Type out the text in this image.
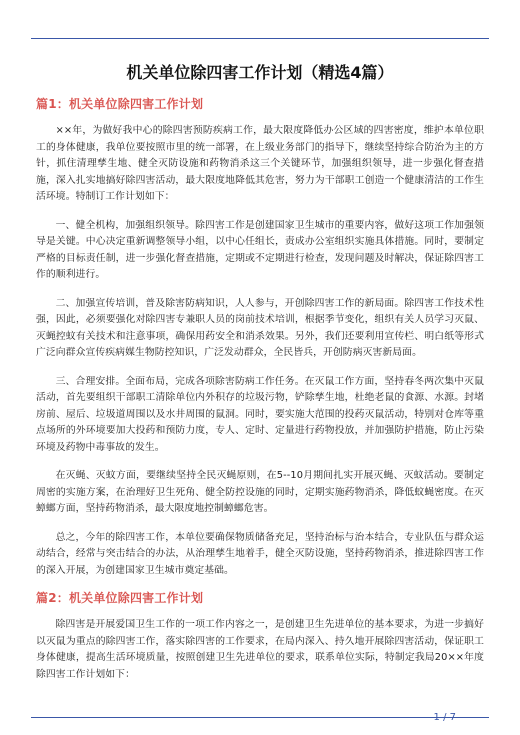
机关单位除四害工作计划（精选4篇）
篇1：机关单位除四害工作计划

××年，为做好我中心的除四害预防疾病工作，最大限度降低办公区域的四害密度，维护本单位职工的身体健康，我单位要按照市里的统一部署，在上级业务部门的指导下，继续坚持综合防治为主的方针，抓住清理孳生地、健全灭防设施和药物消杀这三个关键环节，加强组织领导，进一步强化督查措施，深入扎实地搞好除四害活动，最大限度地降低其危害，努力为干部职工创造一个健康清洁的工作生活环境。特制订工作计划如下：

一、健全机构，加强组织领导。除四害工作是创建国家卫生城市的重要内容，做好这项工作加强领导是关键。中心决定重新调整领导小组，以中心任组长，责成办公室组织实施具体措施。同时，要制定严格的目标责任制，进一步强化督查措施，定期或不定期进行检查，发现问题及时解决，保证除四害工作的顺利进行。

二、加强宣传培训，普及除害防病知识，人人参与，开创除四害工作的新局面。除四害工作技术性强，因此，必须要强化对除四害专兼职人员的岗前技术培训，根据季节变化，组织有关人员学习灭鼠、灭蝇控蚊有关技术和注意事项，确保用药安全和消杀效果。另外，我们还要利用宣传栏、明白纸等形式广泛向群众宣传疾病媒生物防控知识，广泛发动群众，全民皆兵，开创防病灭害新局面。

三、合理安排。全面布局，完成各项除害防病工作任务。在灭鼠工作方面，坚持春冬两次集中灭鼠活动，首先要组织干部职工清除单位内外积存的垃圾污物，铲除孳生地，杜绝老鼠的食源、水源。封堵房前、屋后、垃圾道周围以及水井周围的鼠洞。同时，要实施大范围的投药灭鼠活动，特别对仓库等重点场所的外环境要加大投药和预防力度，专人、定时、定量进行药物投放，并加强防护措施，防止污染环境及药物中毒事故的发生。

在灭蝇、灭蚊方面，要继续坚持全民灭蝇原则，在5--10月期间扎实开展灭蝇、灭蚊活动。要制定周密的实施方案，在治理好卫生死角、健全防控设施的同时，定期实施药物消杀，降低蚊蝇密度。在灭蟑螂方面，坚持药物消杀，最大限度地控制蟑螂危害。

总之，今年的除四害工作，本单位要确保物质储备充足，坚持治标与治本结合，专业队伍与群众运动结合，经常与突击结合的办法，从治理孳生地着手，健全灭防设施，坚持药物消杀，推进除四害工作的深入开展，为创建国家卫生城市奠定基础。

篇2：机关单位除四害工作计划

除四害是开展爱国卫生工作的一项工作内容之一，是创建卫生先进单位的基本要求，为进一步搞好以灭鼠为重点的除四害工作，落实除四害的工作要求，在局内深入、持久地开展除四害活动，保证职工身体健康，提高生活环境质量，按照创建卫生先进单位的要求，联系单位实际，特制定我局20××年度除四害工作计划如下：

1 / 7
